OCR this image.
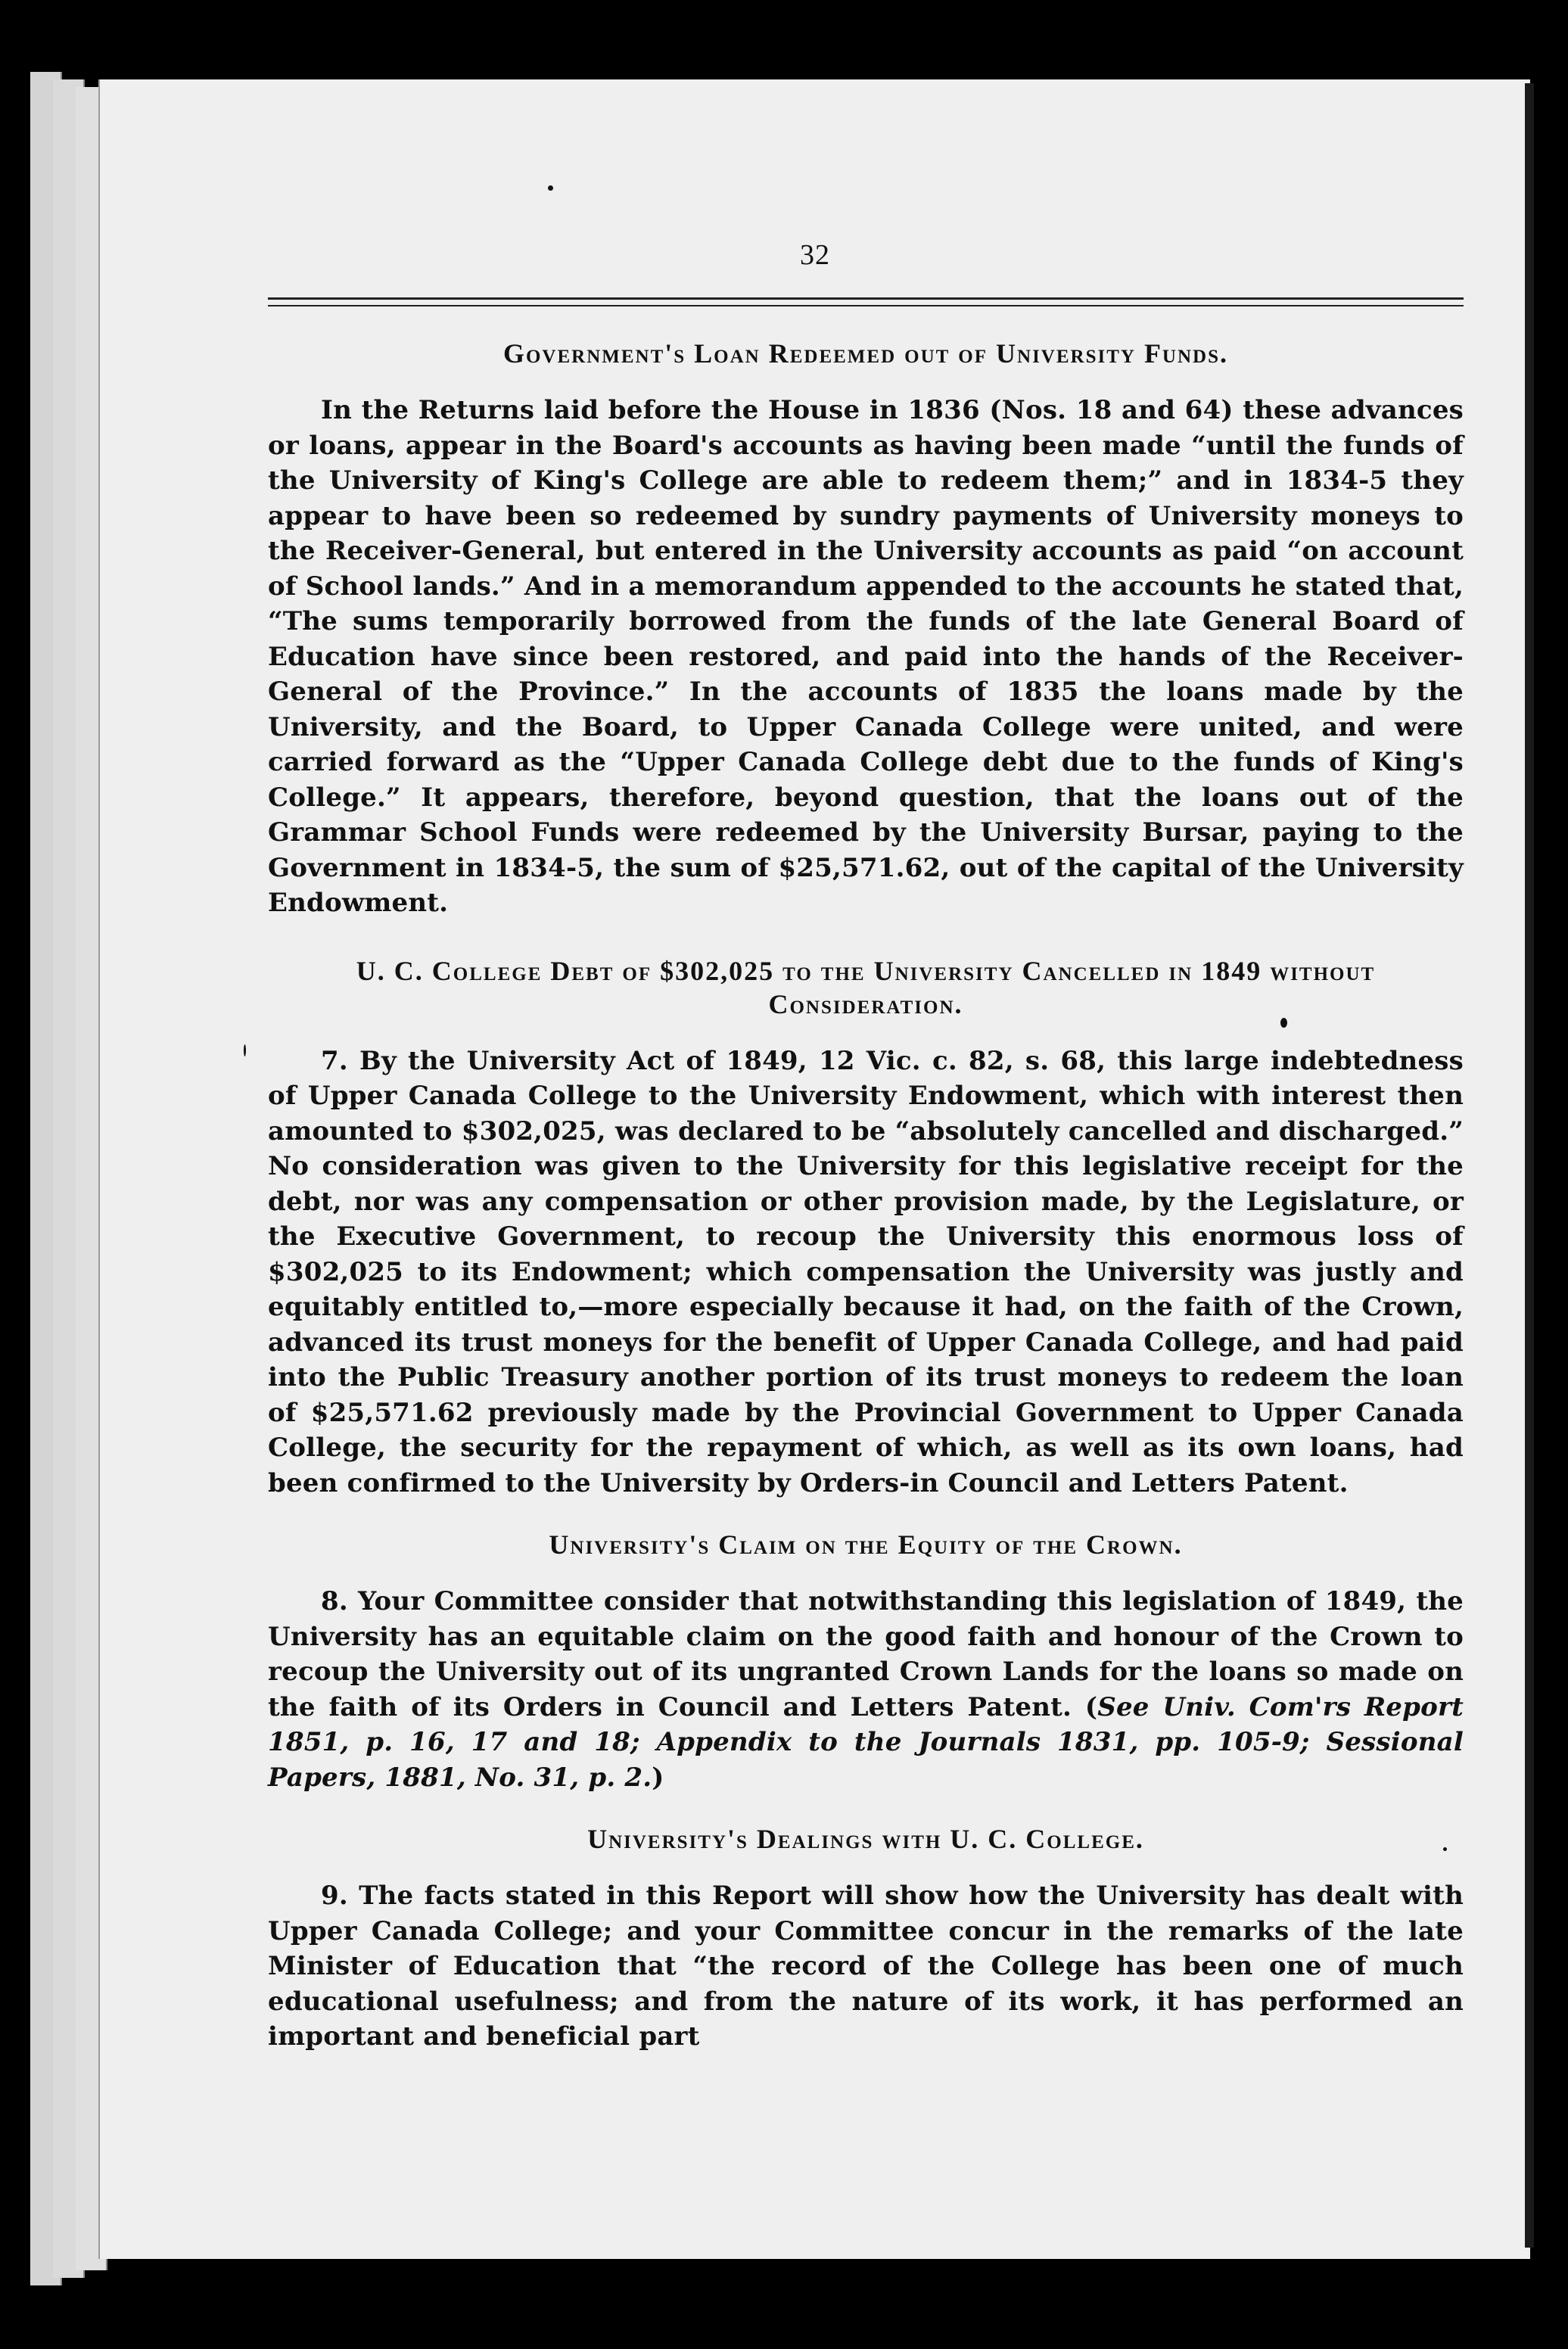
32
Government's Loan Redeemed out of University Funds.

In the Returns laid before the House in 1836 (Nos. 18 and 64) these advances or loans, appear in the Board's accounts as having been made “until the funds of the University of King's College are able to redeem them;” and in 1834-5 they appear to have been so redeemed by sundry payments of University moneys to the Receiver-General, but entered in the University accounts as paid “on account of School lands.” And in a memorandum appended to the accounts he stated that, “The sums temporarily borrowed from the funds of the late General Board of Education have since been restored, and paid into the hands of the Receiver-General of the Province.” In the accounts of 1835 the loans made by the University, and the Board, to Upper Canada College were united, and were carried forward as the “Upper Canada College debt due to the funds of King's College.” It appears, therefore, beyond question, that the loans out of the Grammar School Funds were redeemed by the University Bursar, paying to the Government in 1834-5, the sum of $25,571.62, out of the capital of the University Endowment.

U. C. College Debt of $302,025 to the University Cancelled in 1849 without Consideration.

7. By the University Act of 1849, 12 Vic. c. 82, s. 68, this large indebtedness of Upper Canada College to the University Endowment, which with interest then amounted to $302,025, was declared to be “absolutely cancelled and discharged.” No consideration was given to the University for this legislative receipt for the debt, nor was any compensation or other provision made, by the Legislature, or the Executive Government, to recoup the University this enormous loss of $302,025 to its Endowment; which compensation the University was justly and equitably entitled to,—more especially because it had, on the faith of the Crown, advanced its trust moneys for the benefit of Upper Canada College, and had paid into the Public Treasury another portion of its trust moneys to redeem the loan of $25,571.62 previously made by the Provincial Government to Upper Canada College, the security for the repayment of which, as well as its own loans, had been confirmed to the University by Orders-in Council and Letters Patent.

University's Claim on the Equity of the Crown.

8. Your Committee consider that notwithstanding this legislation of 1849, the University has an equitable claim on the good faith and honour of the Crown to recoup the University out of its ungranted Crown Lands for the loans so made on the faith of its Orders in Council and Letters Patent. (See Univ. Com'rs Report 1851, p. 16, 17 and 18; Appendix to the Journals 1831, pp. 105-9; Sessional Papers, 1881, No. 31, p. 2.)

University's Dealings with U. C. College.

9. The facts stated in this Report will show how the University has dealt with Upper Canada College; and your Committee concur in the remarks of the late Minister of Education that “the record of the College has been one of much educational usefulness; and from the nature of its work, it has performed an important and beneficial part
